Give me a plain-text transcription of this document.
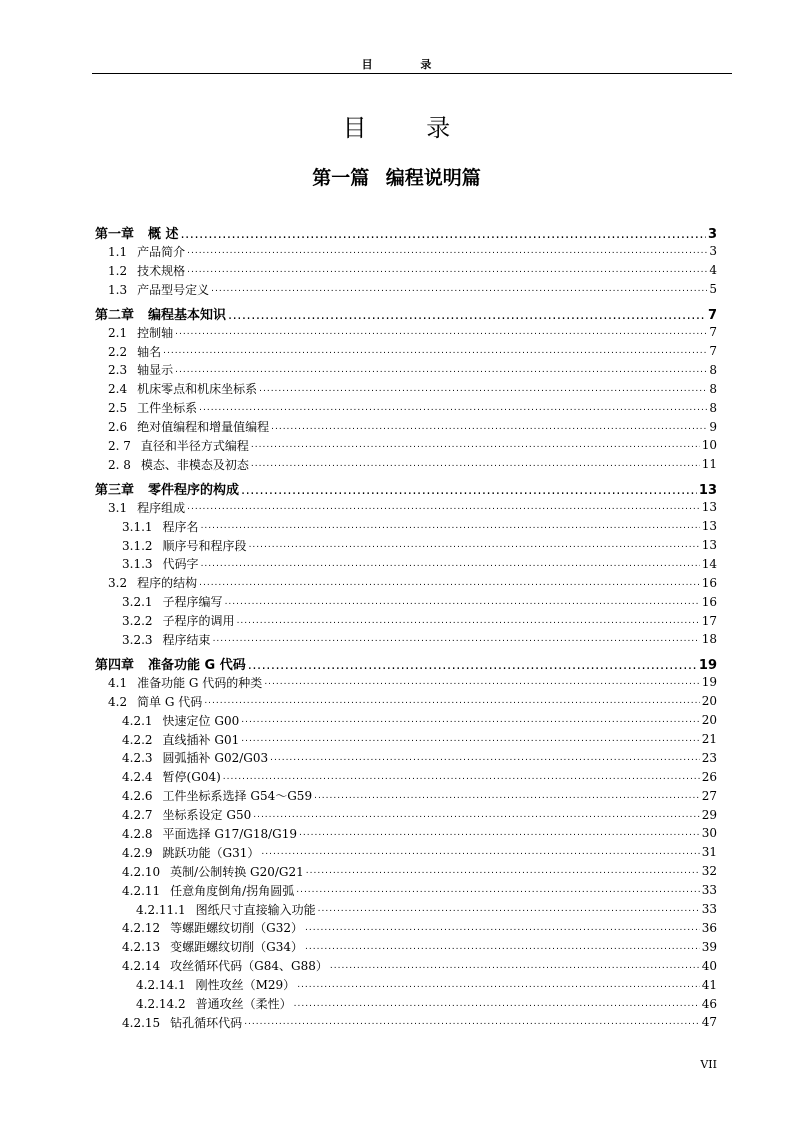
目 录
目 录
第一篇 编程说明篇
第一章 概 述 .....	3
1.1 产品简介 .....	3
1.2 技术规格 .....	4
1.3 产品型号定义 .....	5
第二章 编程基本知识 .....	7
2.1 控制轴 .....	7
2.2 轴名 .....	7
2.3 轴显示 .....	8
2.4 机床零点和机床坐标系 .....	8
2.5 工件坐标系 .....	8
2.6 绝对值编程和增量值编程 .....	9
2. 7 直径和半径方式编程 .....	10
2. 8 模态、非模态及初态 .....	11
第三章 零件程序的构成 .....	13
3.1 程序组成 .....	13
3.1.1 程序名 .....	13
3.1.2 顺序号和程序段 .....	13
3.1.3 代码字 .....	14
3.2 程序的结构 .....	16
3.2.1 子程序编写 .....	16
3.2.2 子程序的调用 .....	17
3.2.3 程序结束 .....	18
第四章 准备功能 G 代码 .....	19
4.1 准备功能 G 代码的种类 .....	19
4.2 简单 G 代码 .....	20
4.2.1 快速定位 G00 .....	20
4.2.2 直线插补 G01 .....	21
4.2.3 圆弧插补 G02/G03 .....	23
4.2.4 暂停(G04) .....	26
4.2.6 工件坐标系选择 G54～G59 .....	27
4.2.7 坐标系设定 G50 .....	29
4.2.8 平面选择 G17/G18/G19 .....	30
4.2.9 跳跃功能（G31） .....	31
4.2.10 英制/公制转换 G20/G21 .....	32
4.2.11 任意角度倒角/拐角圆弧 .....	33
4.2.11.1 图纸尺寸直接输入功能 .....	33
4.2.12 等螺距螺纹切削（G32） .....	36
4.2.13 变螺距螺纹切削（G34） .....	39
4.2.14 攻丝循环代码（G84、G88） .....	40
4.2.14.1 刚性攻丝（M29） .....	41
4.2.14.2 普通攻丝（柔性） .....	46
4.2.15 钻孔循环代码 .....	47
VII
